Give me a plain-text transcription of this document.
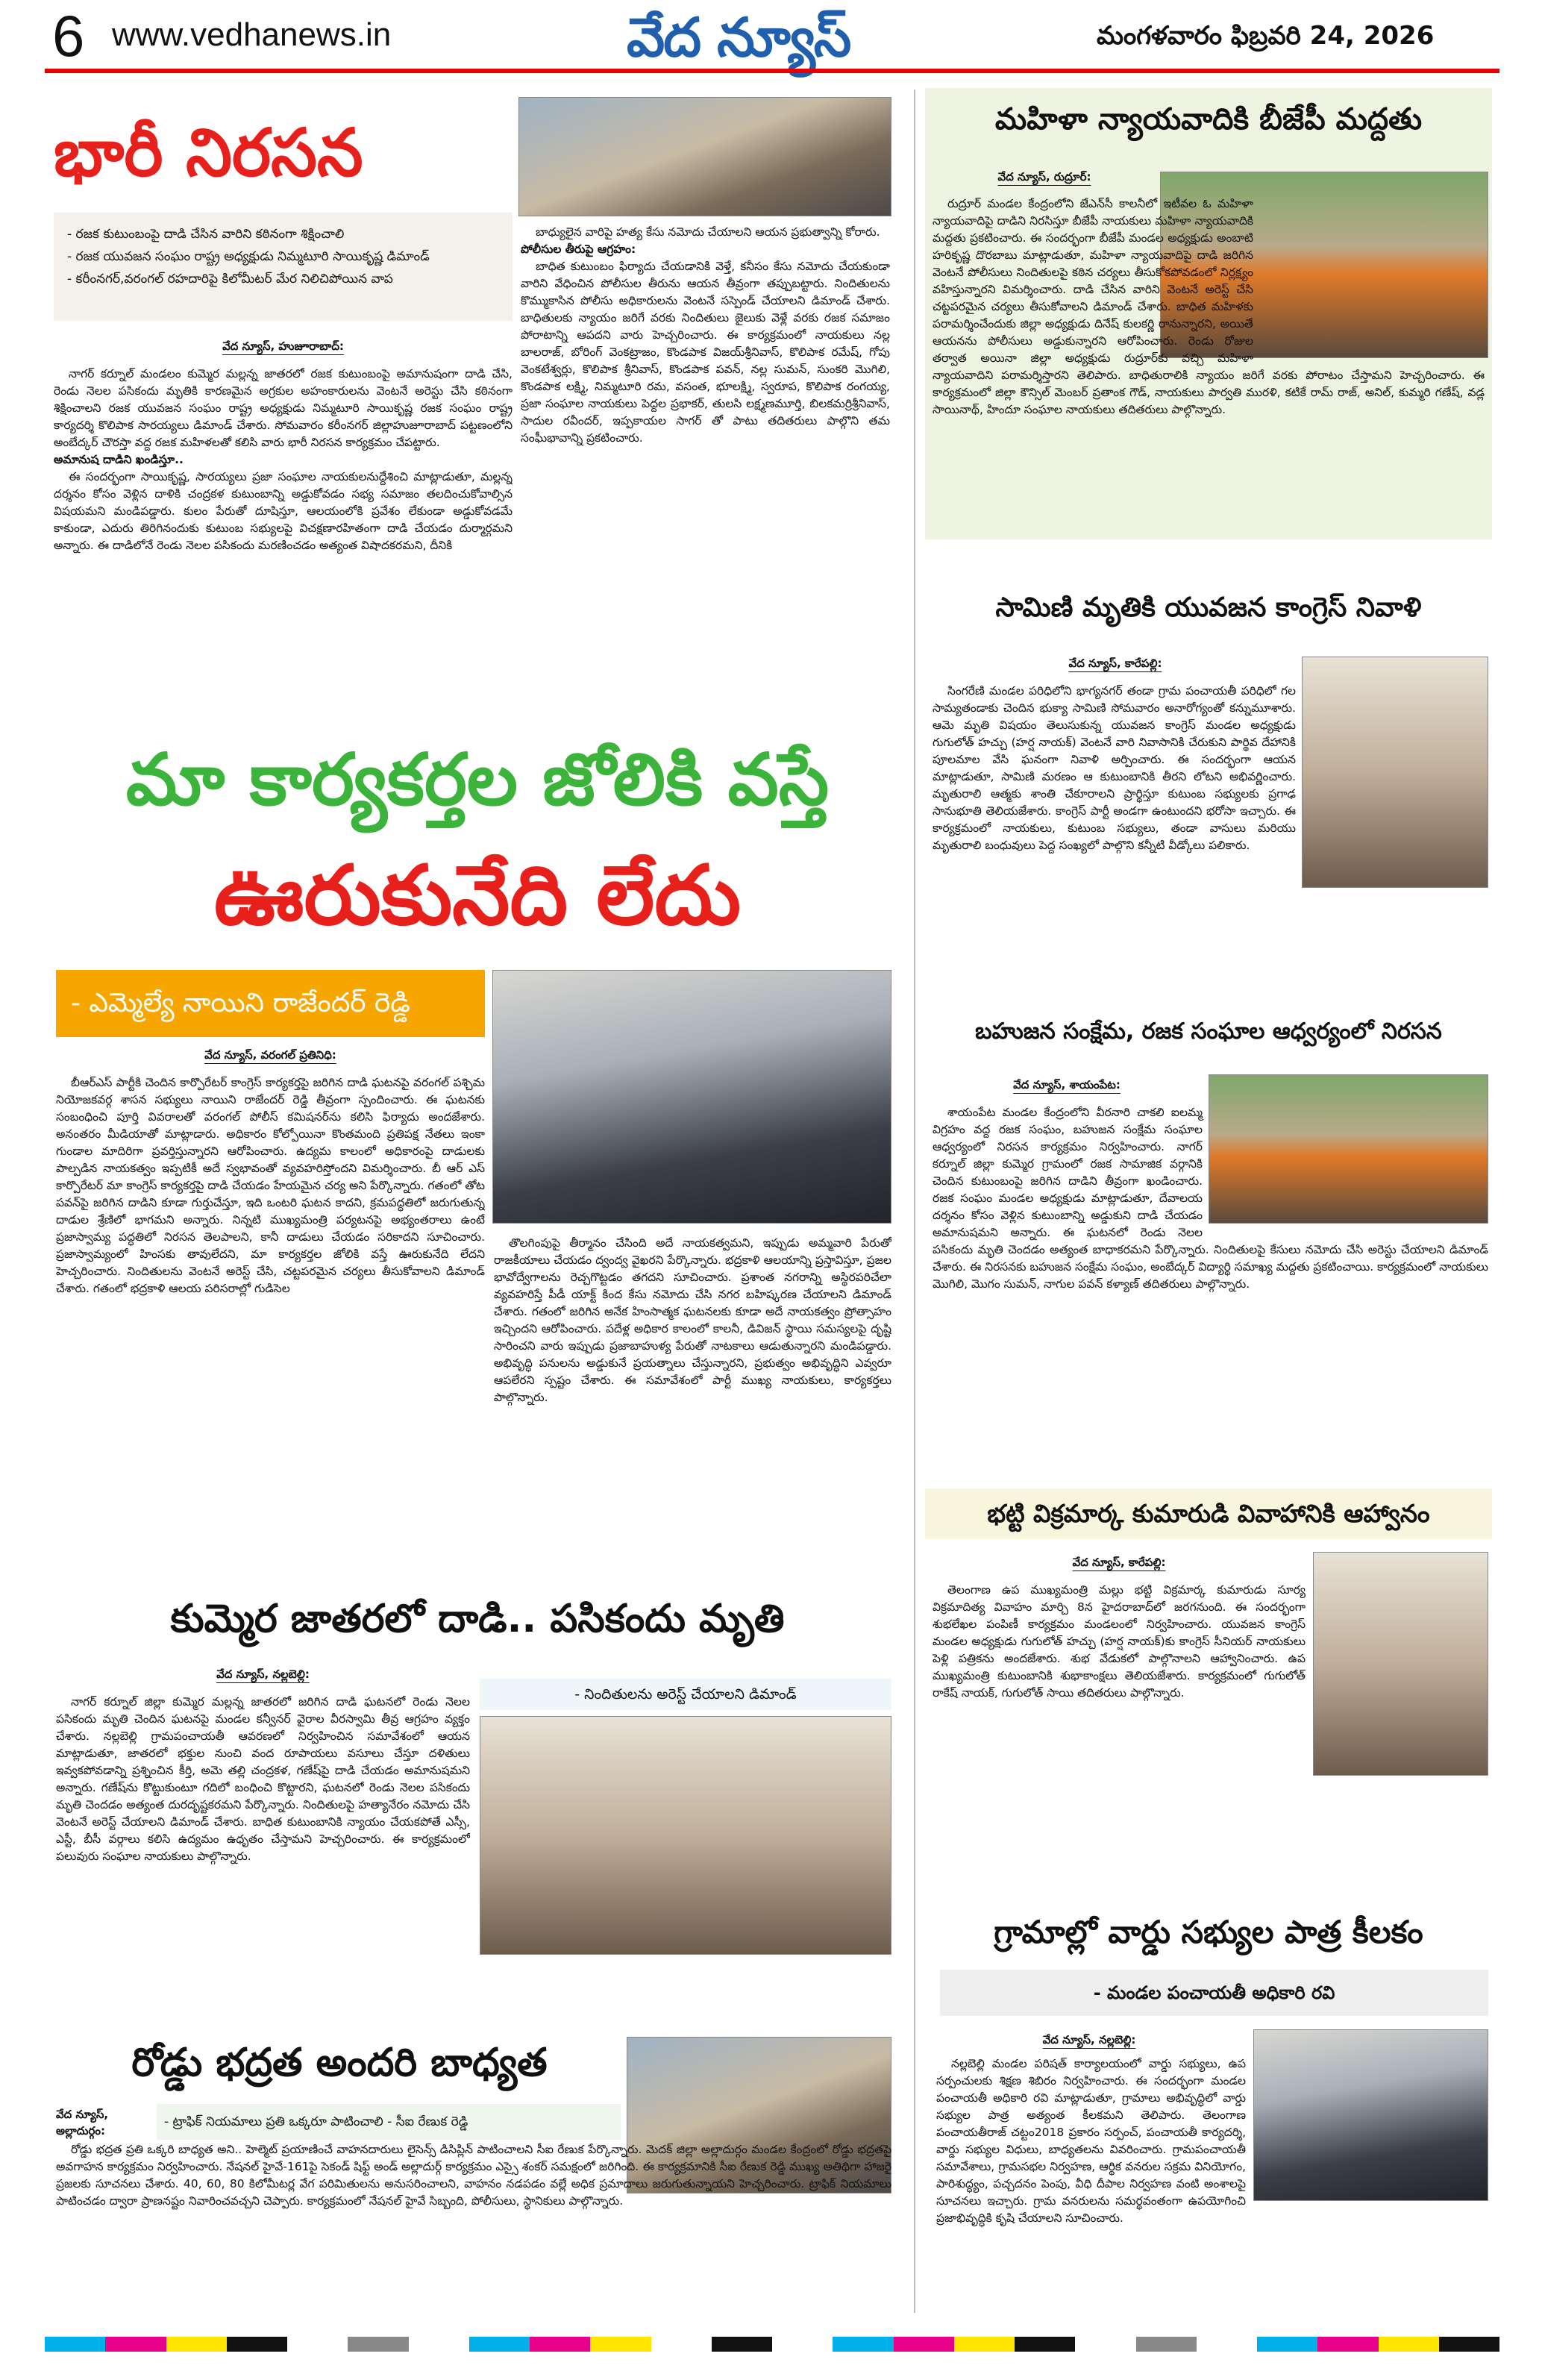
6 www.vedhanews.in	వేద న్యూస్	మంగళవారం ఫిబ్రవరి 24, 2026
భారీ నిరసన
- రజక కుటుంబంపై దాడి చేసిన వారిని కఠినంగా శిక్షించాలి
- రజక యువజన సంఘం రాష్ట్ర అధ్యక్షుడు నిమ్మటూరి సాయికృష్ణ డిమాండ్
- కరీంనగర్,వరంగల్ రహదారిపై కిలోమీటర్ మేర నిలిచిపోయిన వాప
వేద న్యూస్, హుజూరాబాద్:

నాగర్ కర్నూల్ మండలం కుమ్మెర మల్లన్న జాతరలో రజక కుటుంబంపై అమానుషంగా దాడి చేసి, రెండు నెలల పసికందు మృతికి కారణమైన అగ్రకుల అహంకారులను వెంటనే అరెస్టు చేసి కఠినంగా శిక్షించాలని రజక యువజన సంఘం రాష్ట్ర అధ్యక్షుడు నిమ్మటూరి సాయికృష్ణ రజక సంఘం రాష్ట్ర కార్యదర్శి కొలిపాక సారయ్యలు డిమాండ్ చేశారు. సోమవారం కరీంనగర్ జిల్లాహుజూరాబాద్ పట్టణంలోని అంబేద్కర్ చౌరస్తా వద్ద రజక మహిళలతో కలిసి వారు భారీ నిరసన కార్యక్రమం చేపట్టారు.

అమానుష దాడిని ఖండిస్తూ..

ఈ సందర్భంగా సాయికృష్ణ, సారయ్యలు ప్రజా సంఘాల నాయకులనుద్దేశించి మాట్లాడుతూ, మల్లన్న దర్శనం కోసం వెళ్లిన దాళికి చంద్రకళ కుటుంబాన్ని అడ్డుకోవడం సభ్య సమాజం తలదించుకోవాల్సిన విషయమని మండిపడ్డారు. కులం పేరుతో దూషిస్తూ, ఆలయంలోకి ప్రవేశం లేకుండా అడ్డుకోవడమే కాకుండా, ఎదురు తిరిగినందుకు కుటుంబ సభ్యులపై విచక్షణారహితంగా దాడి చేయడం దుర్మార్గమని అన్నారు. ఈ దాడిలోనే రెండు నెలల పసికందు మరణించడం అత్యంత విషాదకరమని, దీనికి

బాధ్యులైన వారిపై హత్య కేసు నమోదు చేయాలని ఆయన ప్రభుత్వాన్ని కోరారు.

పోలీసుల తీరుపై ఆగ్రహం:

బాధిత కుటుంబం ఫిర్యాదు చేయడానికి వెళ్తే, కనీసం కేసు నమోదు చేయకుండా వారిని వేధించిన పోలీసుల తీరును ఆయన తీవ్రంగా తప్పుబట్టారు. నిందితులను కొమ్ముకాసిన పోలీసు అధికారులను వెంటనే సస్పెండ్ చేయాలని డిమాండ్ చేశారు. బాధితులకు న్యాయం జరిగే వరకు నిందితులు జైలుకు వెళ్లే వరకు రజక సమాజం పోరాటాన్ని ఆపదని వారు హెచ్చరించారు. ఈ కార్యక్రమంలో నాయకులు నల్ల బాలరాజ్, బోరింగ్ వెంకట్రాజం, కొండపాక విజయ్‌శ్రీనివాస్, కొలిపాక రమేష్, గోపు వెంకటేశ్వర్లు, కొలిపాక శ్రీనివాస్, కొండపాక పవన్, నల్ల సుమన్, సుంకరి మొగిలి, కొండపాక లక్ష్మి, నిమ్మటూరి రమ, వసంత, భూలక్ష్మి, స్వరూప, కొలిపాక రంగయ్య, ప్రజా సంఘాల నాయకులు పెద్దల ప్రభాకర్, తులసి లక్ష్మణమూర్తి, బిలకమర్రిశ్రీనివాస్, సాదుల రవీందర్, ఇప్పకాయల సాగర్ తో పాటు తదితరులు పాల్గొని తమ సంఘీభావాన్ని ప్రకటించారు.

మా కార్యకర్తల జోలికి వస్తే
ఊరుకునేది లేదు
- ఎమ్మెల్యే నాయిని రాజేందర్ రెడ్డి
వేద న్యూస్, వరంగల్ ప్రతినిధి:

బీఆర్ఎస్ పార్టీకి చెందిన కార్పొరేటర్ కాంగ్రెస్ కార్యకర్తపై జరిగిన దాడి ఘటనపై వరంగల్ పశ్చిమ నియోజకవర్గ శాసన సభ్యులు నాయిని రాజేందర్ రెడ్డి తీవ్రంగా స్పందించారు. ఈ ఘటనకు సంబంధించి పూర్తి వివరాలతో వరంగల్ పోలీస్ కమిషనర్‌ను కలిసి ఫిర్యాదు అందజేశారు. అనంతరం మీడియాతో మాట్లాడారు. అధికారం కోల్పోయినా కొంతమంది ప్రతిపక్ష నేతలు ఇంకా గుండాల మాదిరిగా ప్రవర్తిస్తున్నారని ఆరోపించారు. ఉద్యమ కాలంలో అధికారంపై దాడులకు పాల్పడిన నాయకత్వం ఇప్పటికీ అదే స్వభావంతో వ్యవహరిస్తోందని విమర్శించారు. బీ ఆర్ ఎస్ కార్పొరేటర్ మా కాంగ్రెస్ కార్యకర్తపై దాడి చేయడం హేయమైన చర్య అని పేర్కొన్నారు. గతంలో తోట పవన్‌పై జరిగిన దాడిని కూడా గుర్తుచేస్తూ, ఇది ఒంటరి ఘటన కాదని, క్రమపద్ధతిలో జరుగుతున్న దాడుల శ్రేణిలో భాగమని అన్నారు. నిన్నటి ముఖ్యమంత్రి పర్యటనపై అభ్యంతరాలు ఉంటే ప్రజాస్వామ్య పద్ధతిలో నిరసన తెలపాలని, కానీ దాడులు చేయడం సరికాదని సూచించారు. ప్రజాస్వామ్యంలో హింసకు తావులేదని, మా కార్యకర్తల జోలికి వస్తే ఊరుకునేది లేదని హెచ్చరించారు. నిందితులను వెంటనే అరెస్ట్ చేసి, చట్టపరమైన చర్యలు తీసుకోవాలని డిమాండ్ చేశారు. గతంలో భద్రకాళి ఆలయ పరిసరాల్లో గుడిసెల

తొలగింపుపై తీర్మానం చేసింది అదే నాయకత్వమని, ఇప్పుడు అమ్మవారి పేరుతో రాజకీయాలు చేయడం ద్వంద్వ వైఖరని పేర్కొన్నారు. భద్రకాళి ఆలయాన్ని ప్రస్తావిస్తూ, ప్రజల భావోద్వేగాలను రెచ్చగొట్టడం తగదని సూచించారు. ప్రశాంత నగరాన్ని అస్థిరపరిచేలా వ్యవహరిస్తే పీడీ యాక్ట్ కింద కేసు నమోదు చేసి నగర బహిష్కరణ చేయాలని డిమాండ్ చేశారు. గతంలో జరిగిన అనేక హింసాత్మక ఘటనలకు కూడా అదే నాయకత్వం ప్రోత్సాహం ఇచ్చిందని ఆరోపించారు. పదేళ్ల అధికార కాలంలో కాలనీ, డివిజన్ స్థాయి సమస్యలపై దృష్టి సారించని వారు ఇప్పుడు ప్రజాబాహుళ్య పేరుతో నాటకాలు ఆడుతున్నారని మండిపడ్డారు. అభివృద్ధి పనులను అడ్డుకునే ప్రయత్నాలు చేస్తున్నారని, ప్రభుత్వం అభివృద్ధిని ఎవ్వరూ ఆపలేరని స్పష్టం చేశారు. ఈ సమావేశంలో పార్టీ ముఖ్య నాయకులు, కార్యకర్తలు పాల్గొన్నారు.

కుమ్మెర జాతరలో దాడి.. పసికందు మృతి
వేద న్యూస్, నల్లబెల్లి:

నాగర్ కర్నూల్ జిల్లా కుమ్మెర మల్లన్న జాతరలో జరిగిన దాడి ఘటనలో రెండు నెలల పసికందు మృతి చెందిన ఘటనపై మండల కన్వీనర్ వైరాల వీరస్వామి తీవ్ర ఆగ్రహం వ్యక్తం చేశారు. నల్లబెల్లి గ్రామపంచాయతీ ఆవరణలో నిర్వహించిన సమావేశంలో ఆయన మాట్లాడుతూ, జాతరలో భక్తుల నుంచి వంద రూపాయలు వసూలు చేస్తూ దళితులు ఇవ్వకపోవడాన్ని ప్రశ్నించిన కీర్తి, అమె తల్లి చంద్రకళ, గణేష్‌పై దాడి చేయడం అమానుషమని అన్నారు. గణేష్‌ను కొట్టుకుంటూ గదిలో బంధించి కొట్టారని, ఘటనలో రెండు నెలల పసికందు మృతి చెందడం అత్యంత దురదృష్టకరమని పేర్కొన్నారు. నిందితులపై హత్యానేరం నమోదు చేసి వెంటనే అరెస్ట్ చేయాలని డిమాండ్ చేశారు. బాధిత కుటుంబానికి న్యాయం చేయకపోతే ఎస్సీ, ఎస్టీ, బీసీ వర్గాలు కలిసి ఉద్యమం ఉధృతం చేస్తామని హెచ్చరించారు. ఈ కార్యక్రమంలో పలువురు సంఘాల నాయకులు పాల్గొన్నారు.

- నిందితులను అరెస్ట్ చేయాలని డిమాండ్
రోడ్డు భద్రత అందరి బాధ్యత
వేద న్యూస్, అల్లాదుర్గం:
- ట్రాఫిక్ నియమాలు ప్రతి ఒక్కరూ పాటించాలి - సీఐ రేణుక రెడ్డి

రోడ్డు భద్రత ప్రతి ఒక్కరి బాధ్యత అని.. హెల్మెట్ ప్రయాణించే వాహనదారులు లైసెన్స్ డిసిప్లిన్ పాటించాలని సీఐ రేణుక పేర్కొన్నారు. మెదక్ జిల్లా అల్లాదుర్గం మండల కేంద్రంలో రోడ్డు భద్రతపై అవగాహన కార్యక్రమం నిర్వహించారు. నేషనల్ హైవే-161పై సెకండ్ షిఫ్ట్ అండ్ అల్లాదుర్గ్ కార్యక్రమం ఎస్సై శంకర్ సమక్షంలో జరిగింది. ఈ కార్యక్రమానికి సీఐ రేణుక రెడ్డి ముఖ్య అతిథిగా హాజరై ప్రజలకు సూచనలు చేశారు. 40, 60, 80 కిలోమీటర్ల వేగ పరిమితులను అనుసరించాలని, వాహనం నడపడం వల్లే అధిక ప్రమాదాలు జరుగుతున్నాయని హెచ్చరించారు. ట్రాఫిక్ నియమాలు పాటించడం ద్వారా ప్రాణనష్టం నివారించవచ్చని చెప్పారు. కార్యక్రమంలో నేషనల్ హైవే సిబ్బంది, పోలీసులు, స్థానికులు పాల్గొన్నారు.

మహిళా న్యాయవాదికి బీజేపీ మద్దతు
వేద న్యూస్, రుద్రూర్:

రుద్రూర్ మండల కేంద్రంలోని జేఎన్‌సీ కాలనీలో ఇటీవల ఓ మహిళా న్యాయవాదిపై దాడిని నిరసిస్తూ బీజేపీ నాయకులు మహిళా న్యాయవాదికి మద్దతు ప్రకటించారు. ఈ సందర్భంగా బీజేపీ మండల అధ్యక్షుడు అంబాటి హరికృష్ణ దొరబాబు మాట్లాడుతూ, మహిళా న్యాయవాదిపై దాడి జరిగిన వెంటనే పోలీసులు నిందితులపై కఠిన చర్యలు తీసుకోకపోవడంలో నిర్లక్ష్యం వహిస్తున్నారని విమర్శించారు. దాడి చేసిన వారిని వెంటనే అరెస్ట్ చేసి చట్టపరమైన చర్యలు తీసుకోవాలని డిమాండ్ చేశారు. బాధిత మహిళకు పరామర్శించేందుకు జిల్లా అధ్యక్షుడు దినేష్ కులకర్ణి రానున్నారని, అయితే ఆయనను పోలీసులు అడ్డుకున్నారని ఆరోపించారు. రెండు రోజుల తర్వాత అయినా జిల్లా అధ్యక్షుడు రుద్రూర్‌కు వచ్చి మహిళా న్యాయవాదిని పరామర్శిస్తారని తెలిపారు. బాధితురాలికి న్యాయం జరిగే వరకు పోరాటం చేస్తామని హెచ్చరించారు. ఈ కార్యక్రమంలో జిల్లా కౌన్సిల్ మెంబర్ ప్రతాంక గౌడ్, నాయకులు పార్వతి మురళి, కటికే రామ్ రాజ్, అనిల్, కుమ్మరి గణేష్, వడ్ల సాయినాథ్, హిందూ సంఘాల నాయకులు తదితరులు పాల్గొన్నారు.

సామిణి మృతికి యువజన కాంగ్రెస్ నివాళి
వేద న్యూస్, కారేపల్లి:

సింగరేణి మండల పరిధిలోని భాగ్యనగర్ తండా గ్రామ పంచాయతీ పరిధిలో గల సామ్యతండాకు చెందిన భుక్యా సామిణి సోమవారం అనారోగ్యంతో కన్నుమూశారు. ఆమె మృతి విషయం తెలుసుకున్న యువజన కాంగ్రెస్ మండల అధ్యక్షుడు గుగులోత్ హచ్చు (హర్ష నాయక్) వెంటనే వారి నివాసానికి చేరుకుని పార్థివ దేహానికి పూలమాల వేసి ఘనంగా నివాళి అర్పించారు. ఈ సందర్భంగా ఆయన మాట్లాడుతూ, సామిణి మరణం ఆ కుటుంబానికి తీరని లోటని అభివర్ణించారు. మృతురాలి ఆత్మకు శాంతి చేకూరాలని ప్రార్థిస్తూ కుటుంబ సభ్యులకు ప్రగాఢ సానుభూతి తెలియజేశారు. కాంగ్రెస్ పార్టీ అండగా ఉంటుందని భరోసా ఇచ్చారు. ఈ కార్యక్రమంలో నాయకులు, కుటుంబ సభ్యులు, తండా వాసులు మరియు మృతురాలి బంధువులు పెద్ద సంఖ్యలో పాల్గొని కన్నీటి వీడ్కోలు పలికారు.

బహుజన సంక్షేమ, రజక సంఘాల ఆధ్వర్యంలో నిరసన
వేద న్యూస్, శాయంపేట:

శాయంపేట మండల కేంద్రంలోని వీరనారి చాకలి ఐలమ్మ విగ్రహం వద్ద రజక సంఘం, బహుజన సంక్షేమ సంఘాల ఆధ్వర్యంలో నిరసన కార్యక్రమం నిర్వహించారు. నాగర్ కర్నూల్ జిల్లా కుమ్మెర గ్రామంలో రజక సామాజిక వర్గానికి చెందిన కుటుంబంపై జరిగిన దాడిని తీవ్రంగా ఖండించారు. రజక సంఘం మండల అధ్యక్షుడు మాట్లాడుతూ, దేవాలయ దర్శనం కోసం వెళ్లిన కుటుంబాన్ని అడ్డుకుని దాడి చేయడం అమానుషమని అన్నారు. ఈ ఘటనలో రెండు నెలల పసికందు మృతి చెందడం అత్యంత బాధాకరమని పేర్కొన్నారు. నిందితులపై కేసులు నమోదు చేసి అరెస్టు చేయాలని డిమాండ్ చేశారు. ఈ నిరసనకు బహుజన సంక్షేమ సంఘం, అంబేద్కర్ విద్యార్థి సమాఖ్య మద్దతు ప్రకటించాయి. కార్యక్రమంలో నాయకులు మొగిలి, మొగం సుమన్, నాగుల పవన్ కళ్యాణ్ తదితరులు పాల్గొన్నారు.

భట్టి విక్రమార్క కుమారుడి వివాహానికి ఆహ్వానం
వేద న్యూస్, కారేపల్లి:

తెలంగాణ ఉప ముఖ్యమంత్రి మల్లు భట్టి విక్రమార్క కుమారుడు సూర్య విక్రమాదిత్య వివాహం మార్చి 8న హైదరాబాద్‌లో జరగనుంది. ఈ సందర్భంగా శుభలేఖల పంపిణీ కార్యక్రమం మండలంలో నిర్వహించారు. యువజన కాంగ్రెస్ మండల అధ్యక్షుడు గుగులోత్ హచ్చు (హర్ష నాయక్)కు కాంగ్రెస్ సీనియర్ నాయకులు పెళ్లి పత్రికను అందజేశారు. శుభ వేడుకలో పాల్గొనాలని ఆహ్వానించారు. ఉప ముఖ్యమంత్రి కుటుంబానికి శుభాకాంక్షలు తెలియజేశారు. కార్యక్రమంలో గుగులోత్ రాకేష్ నాయక్, గుగులోత్ సాయి తదితరులు పాల్గొన్నారు.

గ్రామాల్లో వార్డు సభ్యుల పాత్ర కీలకం
- మండల పంచాయతీ అధికారి రవి
వేద న్యూస్, నల్లబెల్లి:

నల్లబెల్లి మండల పరిషత్ కార్యాలయంలో వార్డు సభ్యులు, ఉప సర్పంచులకు శిక్షణ శిబిరం నిర్వహించారు. ఈ సందర్భంగా మండల పంచాయతీ అధికారి రవి మాట్లాడుతూ, గ్రామాలు అభివృద్ధిలో వార్డు సభ్యుల పాత్ర అత్యంత కీలకమని తెలిపారు. తెలంగాణ పంచాయతీరాజ్ చట్టం2018 ప్రకారం సర్పంచ్, పంచాయతీ కార్యదర్శి, వార్డు సభ్యుల విధులు, బాధ్యతలను వివరించారు. గ్రామపంచాయతీ సమావేశాలు, గ్రామసభల నిర్వహణ, ఆర్థిక వనరుల సక్రమ వినియోగం, పారిశుద్ధ్యం, పచ్చదనం పెంపు, వీధి దీపాల నిర్వహణ వంటి అంశాలపై సూచనలు ఇచ్చారు. గ్రామ వనరులను సమర్థవంతంగా ఉపయోగించి ప్రజాభివృద్ధికి కృషి చేయాలని సూచించారు.
